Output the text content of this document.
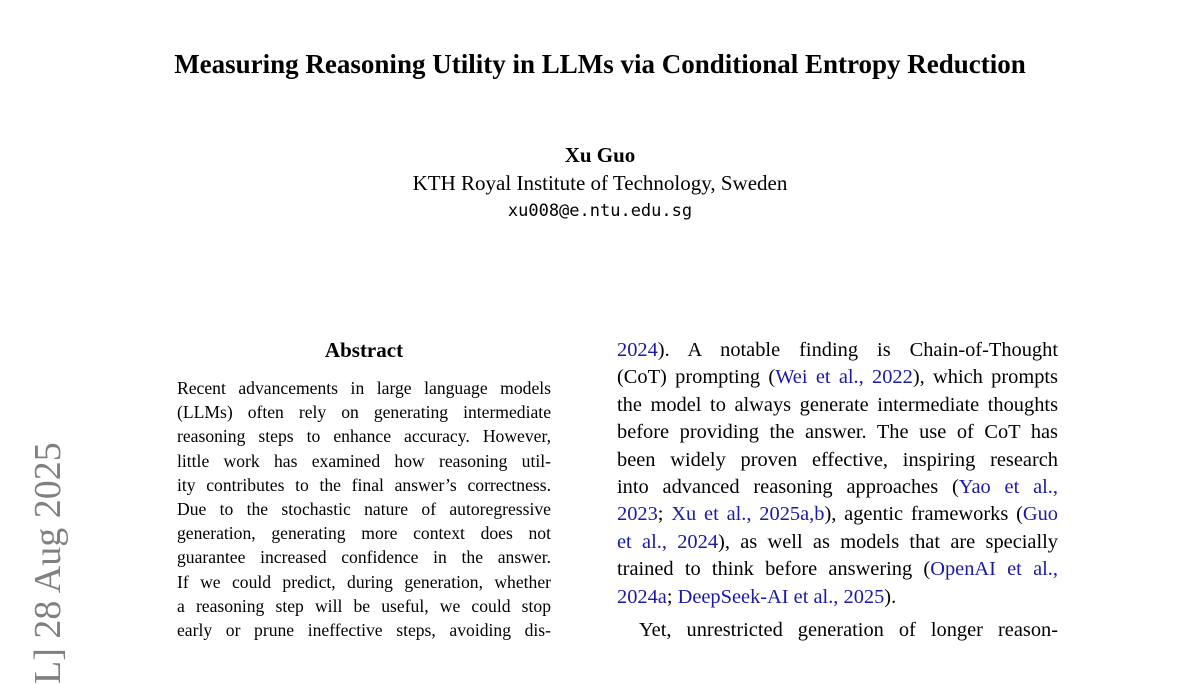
Measuring Reasoning Utility in LLMs via Conditional Entropy Reduction
Xu Guo
KTH Royal Institute of Technology, Sweden
xu008@e.ntu.edu.sg
L] 28 Aug 2025
Abstract
Recent advancements in large language models
(LLMs) often rely on generating intermediate
reasoning steps to enhance accuracy. However,
little work has examined how reasoning util-
ity contributes to the final answer’s correctness.
Due to the stochastic nature of autoregressive
generation, generating more context does not
guarantee increased confidence in the answer.
If we could predict, during generation, whether
a reasoning step will be useful, we could stop
early or prune ineffective steps, avoiding dis-
2024). A notable finding is Chain-of-Thought
(CoT) prompting (Wei et al., 2022), which prompts
the model to always generate intermediate thoughts
before providing the answer. The use of CoT has
been widely proven effective, inspiring research
into advanced reasoning approaches (Yao et al.,
2023; Xu et al., 2025a,b), agentic frameworks (Guo
et al., 2024), as well as models that are specially
trained to think before answering (OpenAI et al.,
2024a; DeepSeek-AI et al., 2025).
Yet, unrestricted generation of longer reason-
